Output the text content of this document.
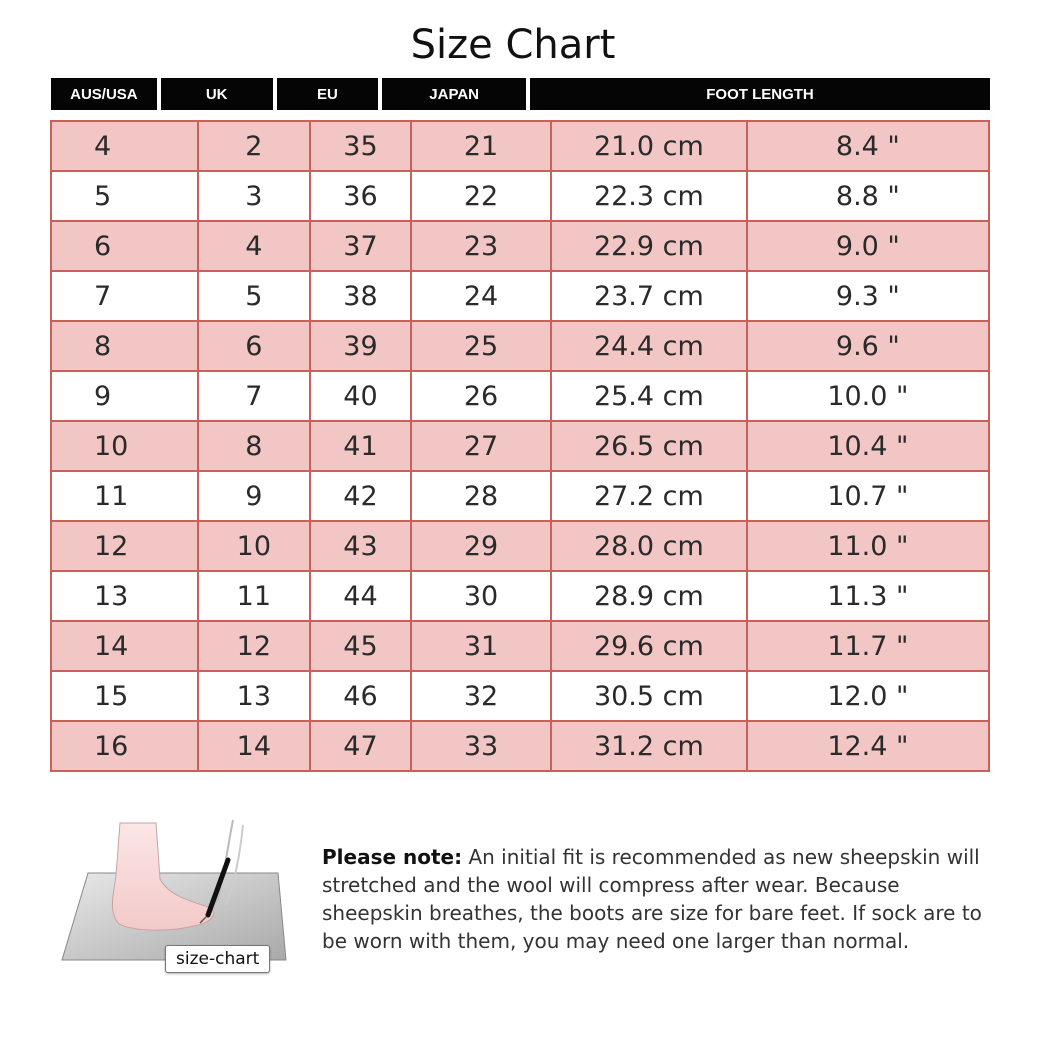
Size Chart
AUS/USA	UK	EU	JAPAN	FOOT LENGTH
4	2	35	21	21.0 cm	8.4 "
5	3	36	22	22.3 cm	8.8 "
6	4	37	23	22.9 cm	9.0 "
7	5	38	24	23.7 cm	9.3 "
8	6	39	25	24.4 cm	9.6 "
9	7	40	26	25.4 cm	10.0 "
10	8	41	27	26.5 cm	10.4 "
11	9	42	28	27.2 cm	10.7 "
12	10	43	29	28.0 cm	11.0 "
13	11	44	30	28.9 cm	11.3 "
14	12	45	31	29.6 cm	11.7 "
15	13	46	32	30.5 cm	12.0 "
16	14	47	33	31.2 cm	12.4 "
size-chart
Please note: An initial fit is recommended as new sheepskin will stretched and the wool will compress after wear. Because sheepskin breathes, the boots are size for bare feet. If sock are to be worn with them, you may need one larger than normal.
